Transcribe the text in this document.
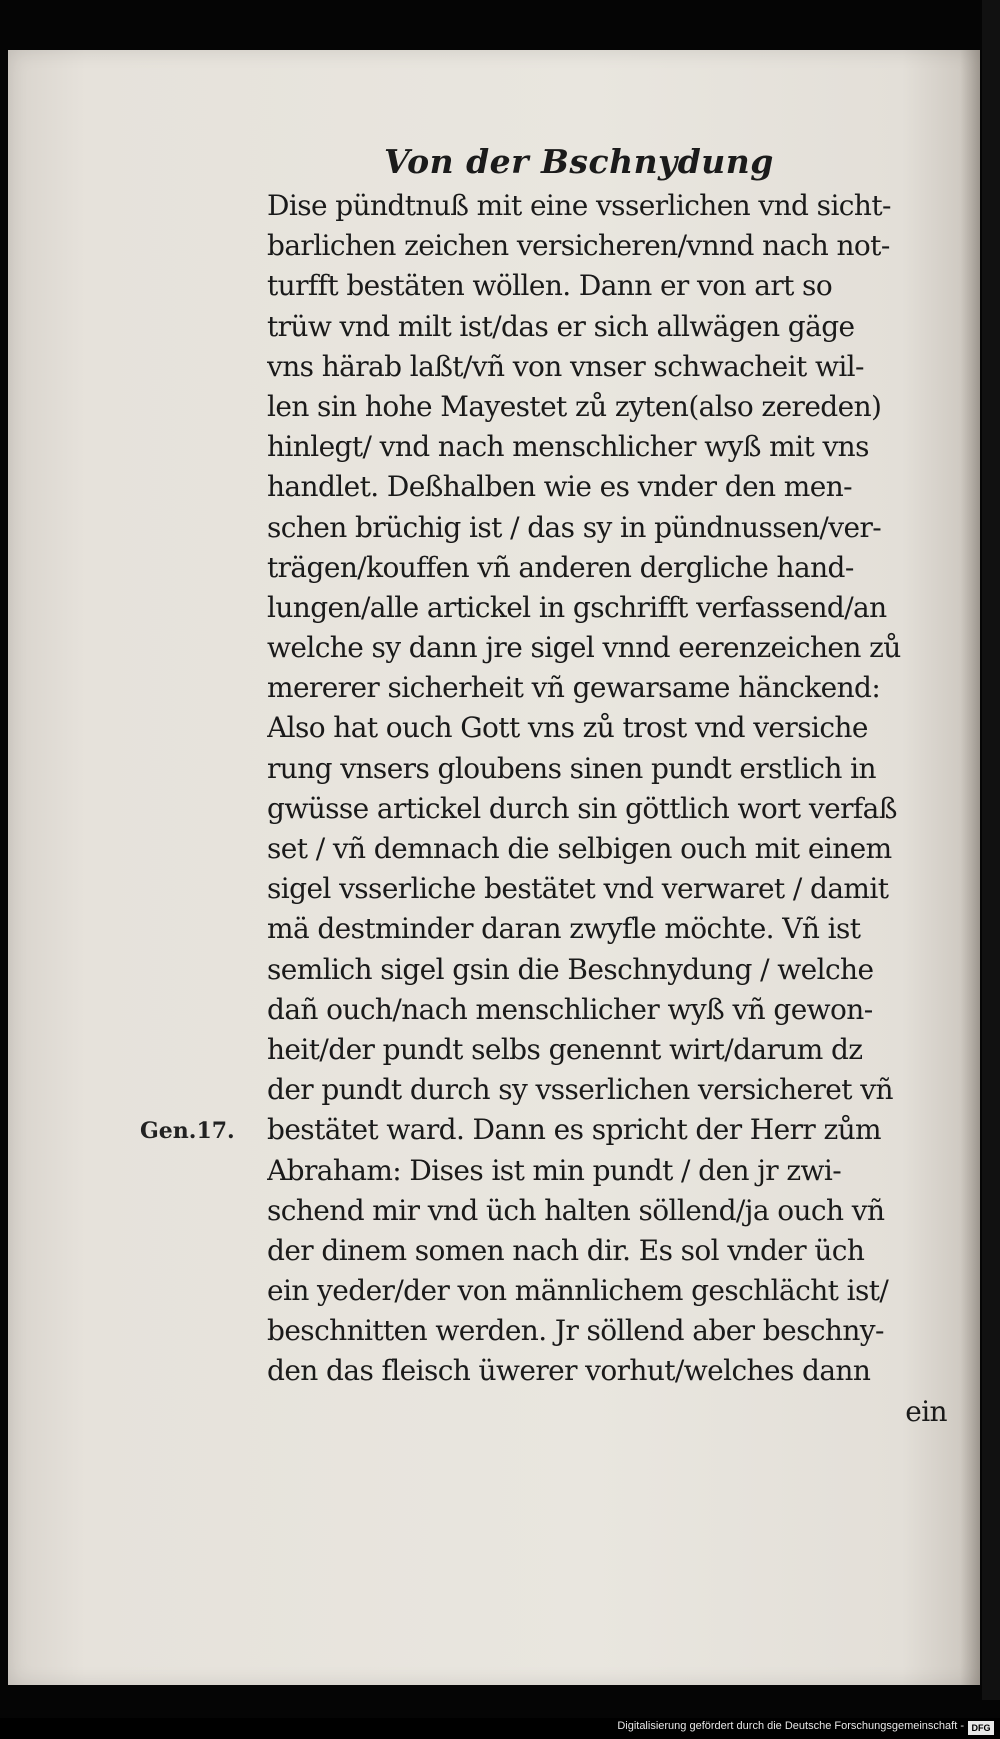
Von der Bschnydung
Gen.17.
Dise pündtnuß mit eine vsserlichen vnd sicht-
barlichen zeichen versicheren/vnnd nach not-
turfft bestäten wöllen. Dann er von art so
trüw vnd milt ist/das er sich allwägen gäge
vns härab laßt/vñ von vnser schwacheit wil-
len sin hohe Mayestet zů zyten(also zereden)
hinlegt/ vnd nach menschlicher wyß mit vns
handlet. Deßhalben wie es vnder den men-
schen brüchig ist / das sy in pündnussen/ver-
trägen/kouffen vñ anderen dergliche hand-
lungen/alle artickel in gschrifft verfassend/an
welche sy dann jre sigel vnnd eerenzeichen zů
mererer sicherheit vñ gewarsame hänckend:
Also hat ouch Gott vns zů trost vnd versiche
rung vnsers gloubens sinen pundt erstlich in
gwüsse artickel durch sin göttlich wort verfaß
set / vñ demnach die selbigen ouch mit einem
sigel vsserliche bestätet vnd verwaret / damit
mä destminder daran zwyfle möchte. Vñ ist
semlich sigel gsin die Beschnydung / welche
dañ ouch/nach menschlicher wyß vñ gewon-
heit/der pundt selbs genennt wirt/darum dz
der pundt durch sy vsserlichen versicheret vñ
bestätet ward. Dann es spricht der Herr zům
Abraham: Dises ist min pundt / den jr zwi-
schend mir vnd üch halten söllend/ja ouch vñ
der dinem somen nach dir. Es sol vnder üch
ein yeder/der von männlichem geschlächt ist/
beschnitten werden. Jr söllend aber beschny-
den das fleisch üwerer vorhut/welches dann
ein
Digitalisierung gefördert durch die Deutsche Forschungsgemeinschaft - DFG
